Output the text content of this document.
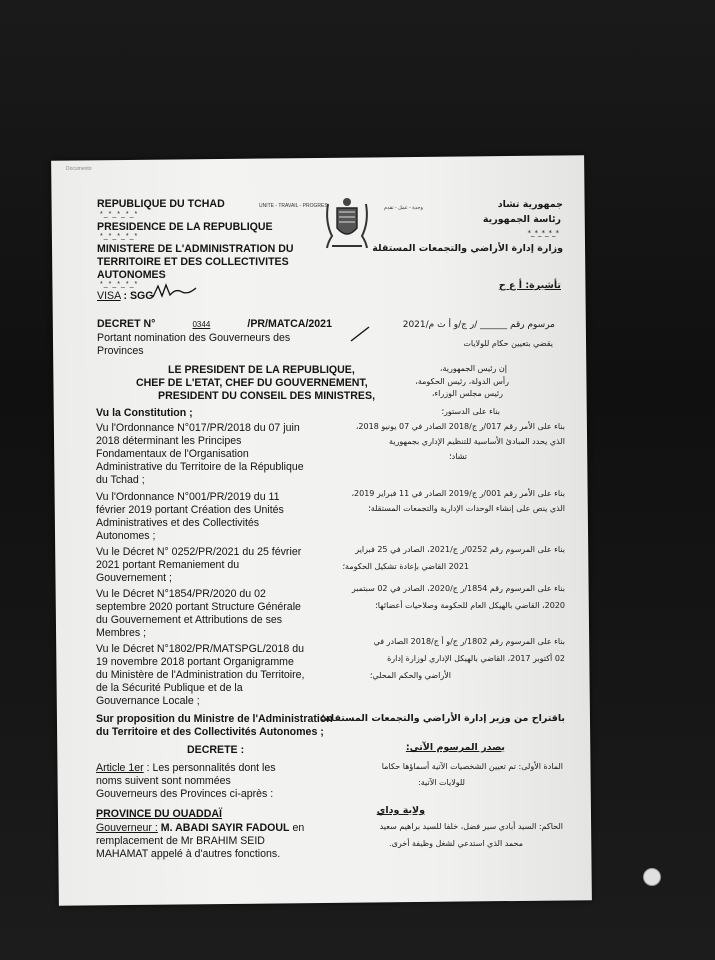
Documento
REPUBLIQUE DU TCHAD
*_*_*_*_*
PRESIDENCE DE LA REPUBLIQUE
*_*_*_*_*
MINISTERE DE L'ADMINISTRATION DU
TERRITOIRE ET DES COLLECTIVITES
AUTONOMES
*_*_*_*_*
VISA : SGG
UNITE - TRAVAIL - PROGRES	وحدة - عمل - تقدم	جمهورية تشاد
رئاسة الجمهورية
*_*_*_*_*
وزارة إدارة الأراضي والتجمعات المستقلة
تأشيرة: أ ع ح
DECRET N°	0344	/PR/MATCA/2021
Portant nomination des Gouverneurs des
Provinces
مرسوم رقم ______ /ر ج/و أ ت م/2021
يقضي بتعيين حكام للولايات
LE PRESIDENT DE LA REPUBLIQUE,
CHEF DE L'ETAT, CHEF DU GOUVERNEMENT,
PRESIDENT DU CONSEIL DES MINISTRES,
إن رئيس الجمهورية،
رأس الدولة، رئيس الحكومة،
رئيس مجلس الوزراء،
Vu la Constitution ;
Vu l'Ordonnance N°017/PR/2018 du 07 juin
2018 déterminant les Principes
Fondamentaux de l'Organisation
Administrative du Territoire de la République
du Tchad ;
Vu l'Ordonnance N°001/PR/2019 du 11
février 2019 portant Création des Unités
Administratives et des Collectivités
Autonomes ;
Vu le Décret N° 0252/PR/2021 du 25 février
2021 portant Remaniement du
Gouvernement ;
Vu le Décret N°1854/PR/2020 du 02
septembre 2020 portant Structure Générale
du Gouvernement et Attributions de ses
Membres ;
Vu le Décret N°1802/PR/MATSPGL/2018 du
19 novembre 2018 portant Organigramme
du Ministère de l'Administration du Territoire,
de la Sécurité Publique et de la
Gouvernance Locale ;
Sur proposition du Ministre de l'Administration
du Territoire et des Collectivités Autonomes ;
DECRETE :
Article 1er : Les personnalités dont les
noms suivent sont nommées
Gouverneurs des Provinces ci-après :
PROVINCE DU OUADDAÏ
Gouverneur : M. ABADI SAYIR FADOUL en
remplacement de Mr BRAHIM SEID
MAHAMAT appelé à d'autres fonctions.
بناء على الدستور؛
بناء على الأمر رقم 017/ر ج/2018 الصادر في 07 يونيو 2018،
الذي يحدد المبادئ الأساسية للتنظيم الإداري بجمهورية
تشاد؛
بناء على الأمر رقم 001/ر ج/2019 الصادر في 11 فبراير 2019،
الذي ينص على إنشاء الوحدات الإدارية والتجمعات المستقلة؛
بناء على المرسوم رقم 0252/ر ج/2021، الصادر في 25 فبراير
2021 القاضي بإعادة تشكيل الحكومة؛
بناء على المرسوم رقم 1854/ر ج/2020، الصادر في 02 سبتمبر
2020، القاضي بالهيكل العام للحكومة وصلاحيات أعضائها؛
بناء على المرسوم رقم 1802/ر ج/و أ ج/2018 الصادر في
02 أكتوبر 2017، القاضي بالهيكل الإداري لوزارة إدارة
الأراضي والحكم المحلي؛
باقتراح من وزير إدارة الأراضي والتجمعات المستقلة؛
يصدر المرسوم الآتي:
المادة الأولى: تم تعيين الشخصيات الآتية أسماؤها حكاما
للولايات الآتية:
ولاية وداي
الحاكم: السيد أبادي سير فضل، خلفا للسيد براهيم سعيد
محمد الذي استدعي لشغل وظيفة أخرى.
